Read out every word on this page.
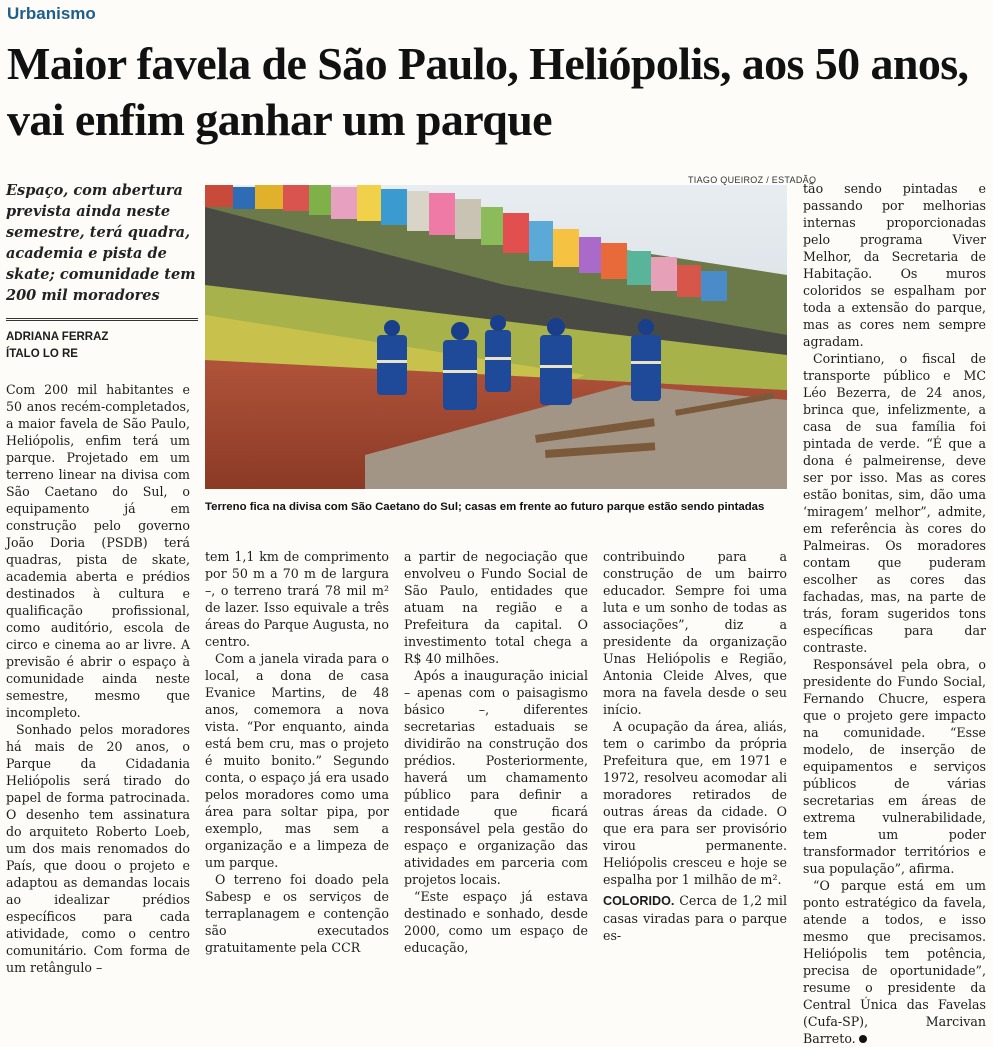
Urbanismo
Maior favela de São Paulo, Heliópolis, aos 50 anos, vai enfim ganhar um parque
Espaço, com abertura prevista ainda neste semestre, terá quadra, academia e pista de skate; comunidade tem 200 mil moradores
ADRIANA FERRAZ
ÍTALO LO RE
TIAGO QUEIROZ / ESTADÃO
Terreno fica na divisa com São Caetano do Sul; casas em frente ao futuro parque estão sendo pintadas

Com 200 mil habitantes e 50 anos recém-completados, a maior favela de São Paulo, Heliópolis, enfim terá um parque. Projetado em um terreno linear na divisa com São Caetano do Sul, o equipamento já em construção pelo governo João Doria (PSDB) terá quadras, pista de skate, academia aberta e prédios destinados à cultura e qualificação profissional, como auditório, escola de circo e cinema ao ar livre. A previsão é abrir o espaço à comunidade ainda neste semestre, mesmo que incompleto.

Sonhado pelos moradores há mais de 20 anos, o Parque da Cidadania Heliópolis será tirado do papel de forma patrocinada. O desenho tem assinatura do arquiteto Roberto Loeb, um dos mais renomados do País, que doou o projeto e adaptou as demandas locais ao idealizar prédios específicos para cada atividade, como o centro comunitário. Com forma de um retângulo –

tem 1,1 km de comprimento por 50 m a 70 m de largura –, o terreno trará 78 mil m² de lazer. Isso equivale a três áreas do Parque Augusta, no centro.

Com a janela virada para o local, a dona de casa Evanice Martins, de 48 anos, comemora a nova vista. “Por enquanto, ainda está bem cru, mas o projeto é muito bonito.” Segundo conta, o espaço já era usado pelos moradores como uma área para soltar pipa, por exemplo, mas sem a organização e a limpeza de um parque.

O terreno foi doado pela Sabesp e os serviços de terraplanagem e contenção são executados gratuitamente pela CCR

a partir de negociação que envolveu o Fundo Social de São Paulo, entidades que atuam na região e a Prefeitura da capital. O investimento total chega a R$ 40 milhões.

Após a inauguração inicial – apenas com o paisagismo básico –, diferentes secretarias estaduais se dividirão na construção dos prédios. Posteriormente, haverá um chamamento público para definir a entidade que ficará responsável pela gestão do espaço e organização das atividades em parceria com projetos locais.

“Este espaço já estava destinado e sonhado, desde 2000, como um espaço de educação,

contribuindo para a construção de um bairro educador. Sempre foi uma luta e um sonho de todas as associações”, diz a presidente da organização Unas Heliópolis e Região, Antonia Cleide Alves, que mora na favela desde o seu início.

A ocupação da área, aliás, tem o carimbo da própria Prefeitura que, em 1971 e 1972, resolveu acomodar ali moradores retirados de outras áreas da cidade. O que era para ser provisório virou permanente. Heliópolis cresceu e hoje se espalha por 1 milhão de m².

COLORIDO. Cerca de 1,2 mil casas viradas para o parque es-

tão sendo pintadas e passando por melhorias internas proporcionadas pelo programa Viver Melhor, da Secretaria de Habitação. Os muros coloridos se espalham por toda a extensão do parque, mas as cores nem sempre agradam.

Corintiano, o fiscal de transporte público e MC Léo Bezerra, de 24 anos, brinca que, infelizmente, a casa de sua família foi pintada de verde. “É que a dona é palmeirense, deve ser por isso. Mas as cores estão bonitas, sim, dão uma ‘miragem’ melhor”, admite, em referência às cores do Palmeiras. Os moradores contam que puderam escolher as cores das fachadas, mas, na parte de trás, foram sugeridos tons específicas para dar contraste.

Responsável pela obra, o presidente do Fundo Social, Fernando Chucre, espera que o projeto gere impacto na comunidade. “Esse modelo, de inserção de equipamentos e serviços públicos de várias secretarias em áreas de extrema vulnerabilidade, tem um poder transformador territórios e sua população”, afirma.

“O parque está em um ponto estratégico da favela, atende a todos, e isso mesmo que precisamos. Heliópolis tem potência, precisa de oportunidade”, resume o presidente da Central Única das Favelas (Cufa-SP), Marcivan Barreto.
